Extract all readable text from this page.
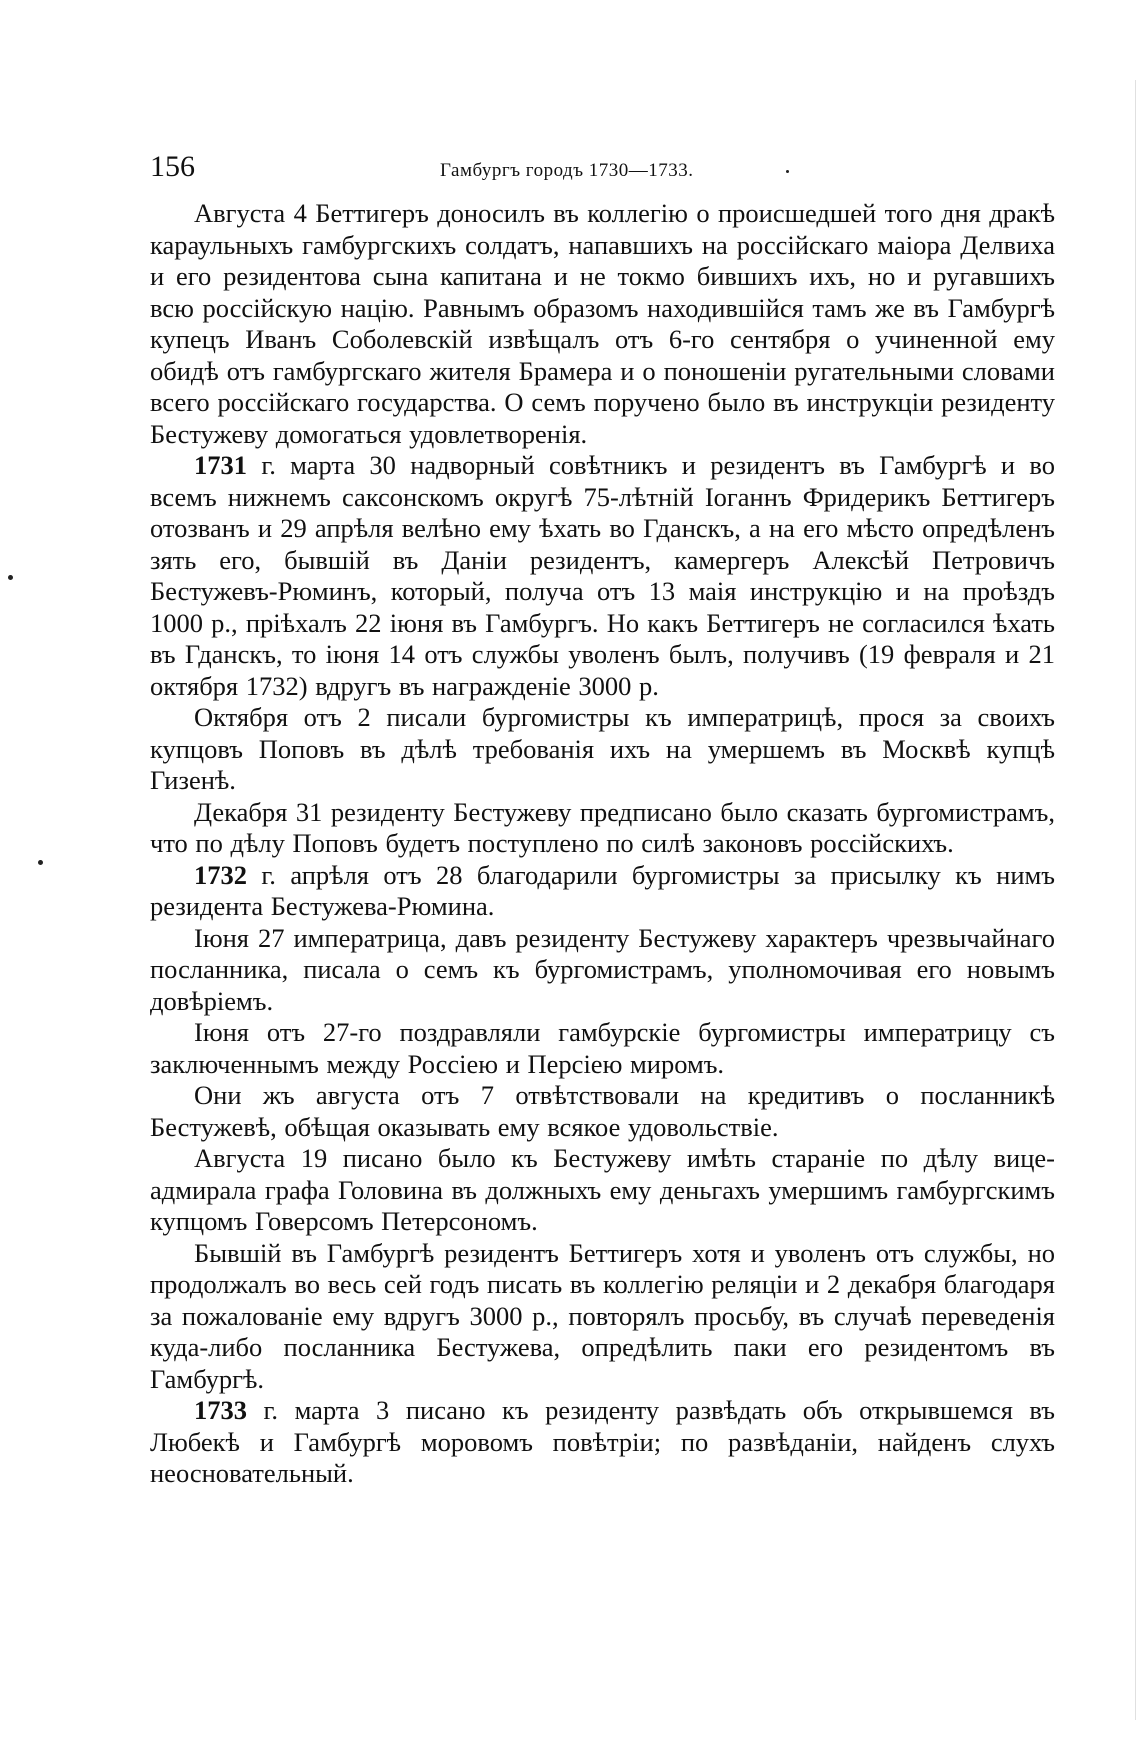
156	Гамбургъ городъ 1730—1733.

Августа 4 Беттигеръ доносилъ въ коллегію о происшедшей того дня дракѣ караульныхъ гамбургскихъ солдатъ, напавшихъ на россійскаго маіора Делвиха и его резидентова сына капитана и не токмо бившихъ ихъ, но и ругавшихъ всю россійскую націю. Равнымъ образомъ находившійся тамъ же въ Гамбургѣ купецъ Иванъ Соболевскій извѣщалъ отъ 6-го сентября о учиненной ему обидѣ отъ гамбургскаго жителя Брамера и о поношеніи ругательными словами всего россійскаго государства. О семъ поручено было въ инструкціи резиденту Бестужеву домогаться удовлетворенія.

1731 г. марта 30 надворный совѣтникъ и резидентъ въ Гамбургѣ и во всемъ нижнемъ саксонскомъ округѣ 75-лѣтній Іоганнъ Фридерикъ Беттигеръ отозванъ и 29 апрѣля велѣно ему ѣхать во Гданскъ, а на его мѣсто опредѣленъ зять его, бывшій въ Даніи резидентъ, камергеръ Алексѣй Петровичъ Бестужевъ-Рюминъ, который, получа отъ 13 маія инструкцію и на проѣздъ 1000 р., пріѣхалъ 22 іюня въ Гамбургъ. Но какъ Беттигеръ не согласился ѣхать въ Гданскъ, то іюня 14 отъ службы уволенъ былъ, получивъ (19 февраля и 21 октября 1732) вдругъ въ награжденіе 3000 р.

Октября отъ 2 писали бургомистры къ императрицѣ, прося за своихъ купцовъ Поповъ въ дѣлѣ требованія ихъ на умершемъ въ Москвѣ купцѣ Гизенѣ.

Декабря 31 резиденту Бестужеву предписано было сказать бургомистрамъ, что по дѣлу Поповъ будетъ поступлено по силѣ законовъ россійскихъ.

1732 г. апрѣля отъ 28 благодарили бургомистры за присылку къ нимъ резидента Бестужева-Рюмина.

Іюня 27 императрица, давъ резиденту Бестужеву характеръ чрезвычайнаго посланника, писала о семъ къ бургомистрамъ, уполномочивая его новымъ довѣріемъ.

Іюня отъ 27-го поздравляли гамбурскіе бургомистры императрицу съ заключеннымъ между Россіею и Персіею миромъ.

Они жъ августа отъ 7 отвѣтствовали на кредитивъ о посланникѣ Бестужевѣ, обѣщая оказывать ему всякое удовольствіе.

Августа 19 писано было къ Бестужеву имѣть стараніе по дѣлу вице-адмирала графа Головина въ должныхъ ему деньгахъ умершимъ гамбургскимъ купцомъ Говерсомъ Петерсономъ.

Бывшій въ Гамбургѣ резидентъ Беттигеръ хотя и уволенъ отъ службы, но продолжалъ во весь сей годъ писать въ коллегію реляціи и 2 декабря благодаря за пожалованіе ему вдругъ 3000 р., повторялъ просьбу, въ случаѣ переведенія куда-либо посланника Бестужева, опредѣлить паки его резидентомъ въ Гамбургѣ.

1733 г. марта 3 писано къ резиденту развѣдать объ открывшемся въ Любекѣ и Гамбургѣ моровомъ повѣтріи; по развѣданіи, найденъ слухъ неосновательный.
